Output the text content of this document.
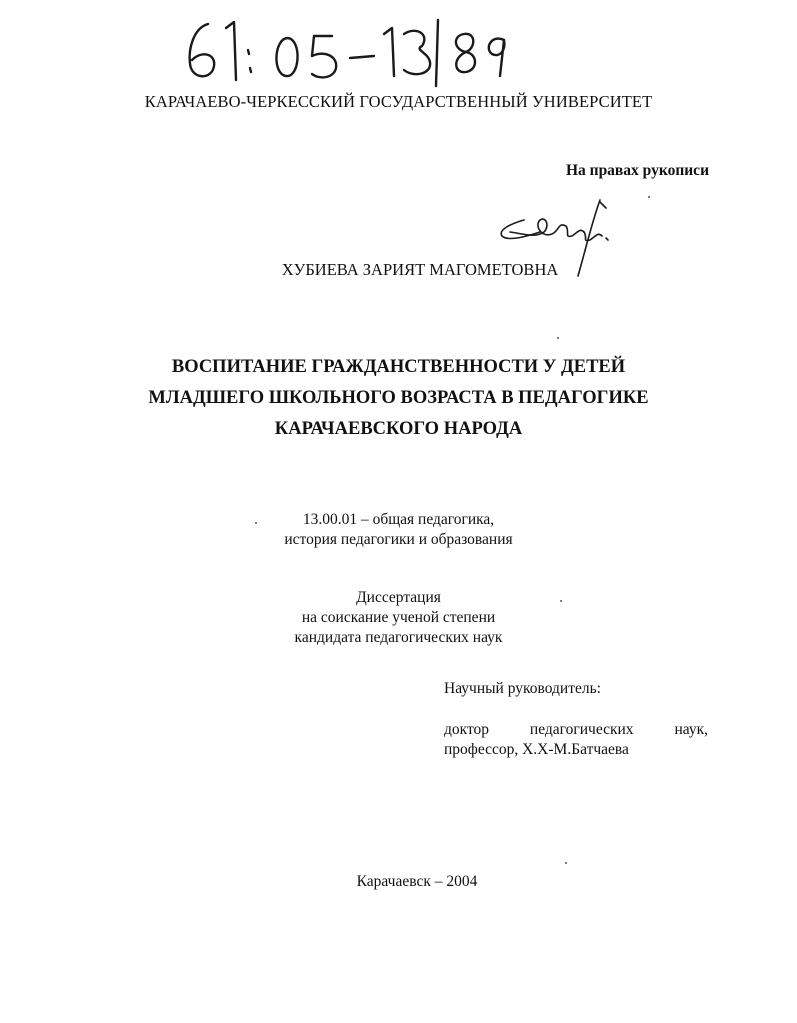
КАРАЧАЕВО-ЧЕРКЕССКИЙ ГОСУДАРСТВЕННЫЙ УНИВЕРСИТЕТ
На правах рукописи
ХУБИЕВА ЗАРИЯТ МАГОМЕТОВНА
ВОСПИТАНИЕ ГРАЖДАНСТВЕННОСТИ У ДЕТЕЙ
МЛАДШЕГО ШКОЛЬНОГО ВОЗРАСТА В ПЕДАГОГИКЕ
КАРАЧАЕВСКОГО НАРОДА
13.00.01 – общая педагогика,
история педагогики и образования
Диссертация
на соискание ученой степени
кандидата педагогических наук
Научный руководитель:
доктор педагогических наук,
профессор, Х.Х-М.Батчаева
Карачаевск – 2004
